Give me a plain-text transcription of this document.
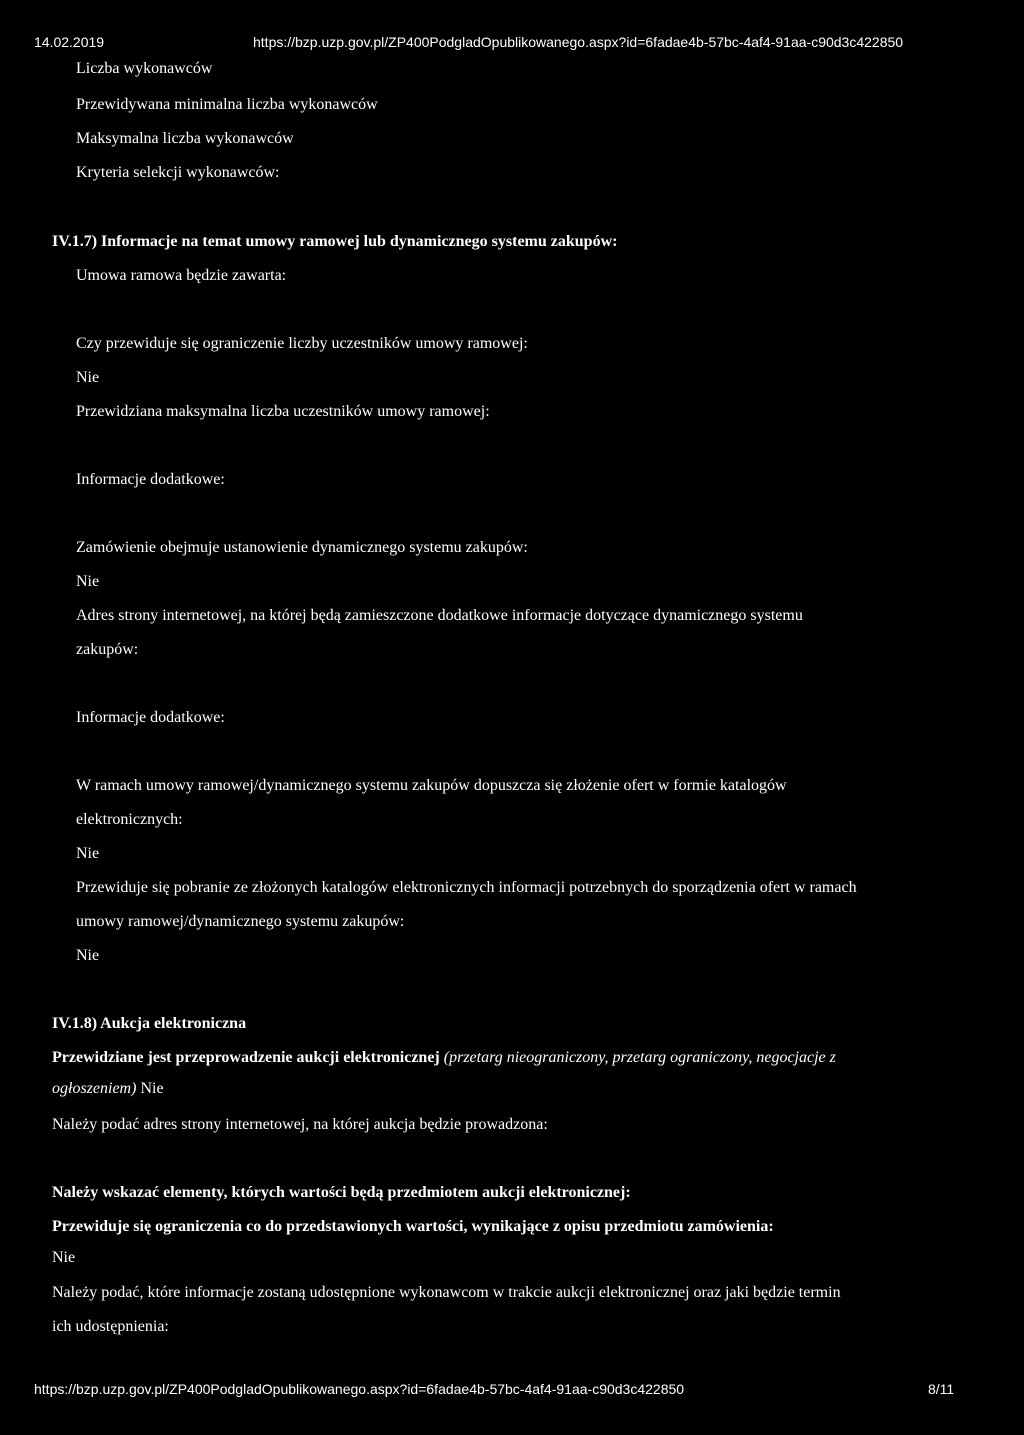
14.02.2019	https://bzp.uzp.gov.pl/ZP400PodgladOpublikowanego.aspx?id=6fadae4b-57bc-4af4-91aa-c90d3c422850
Liczba wykonawców
Przewidywana minimalna liczba wykonawców
Maksymalna liczba wykonawców
Kryteria selekcji wykonawców:
IV.1.7) Informacje na temat umowy ramowej lub dynamicznego systemu zakupów:
Umowa ramowa będzie zawarta:
Czy przewiduje się ograniczenie liczby uczestników umowy ramowej:
Nie
Przewidziana maksymalna liczba uczestników umowy ramowej:
Informacje dodatkowe:
Zamówienie obejmuje ustanowienie dynamicznego systemu zakupów:
Nie
Adres strony internetowej, na której będą zamieszczone dodatkowe informacje dotyczące dynamicznego systemu
zakupów:
Informacje dodatkowe:
W ramach umowy ramowej/dynamicznego systemu zakupów dopuszcza się złożenie ofert w formie katalogów
elektronicznych:
Nie
Przewiduje się pobranie ze złożonych katalogów elektronicznych informacji potrzebnych do sporządzenia ofert w ramach
umowy ramowej/dynamicznego systemu zakupów:
Nie
IV.1.8) Aukcja elektroniczna
Przewidziane jest przeprowadzenie aukcji elektronicznej (przetarg nieograniczony, przetarg ograniczony, negocjacje z
ogłoszeniem) Nie
Należy podać adres strony internetowej, na której aukcja będzie prowadzona:
Należy wskazać elementy, których wartości będą przedmiotem aukcji elektronicznej:
Przewiduje się ograniczenia co do przedstawionych wartości, wynikające z opisu przedmiotu zamówienia:
Nie
Należy podać, które informacje zostaną udostępnione wykonawcom w trakcie aukcji elektronicznej oraz jaki będzie termin
ich udostępnienia:
https://bzp.uzp.gov.pl/ZP400PodgladOpublikowanego.aspx?id=6fadae4b-57bc-4af4-91aa-c90d3c422850	8/11
